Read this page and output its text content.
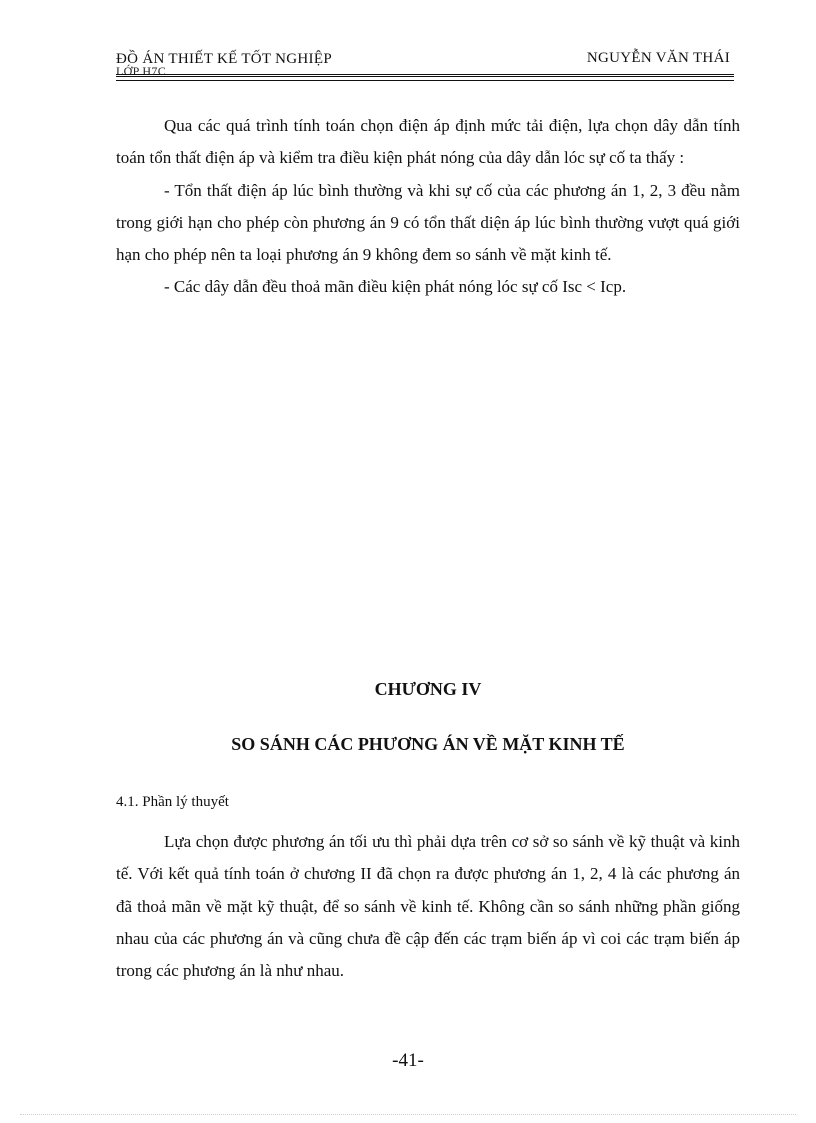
ĐỒ ÁN THIẾT KẾ TỐT NGHIỆP
LỚP H7C
NGUYỄN VĂN THÁI

Qua các quá trình tính toán chọn điện áp định mức tải điện, lựa chọn dây dẫn tính toán tổn thất điện áp và kiểm tra điều kiện phát nóng của dây dẫn lóc sự cố ta thấy :

- Tổn thất điện áp lúc bình thường và khi sự cố của các phương án 1, 2, 3 đều nằm trong giới hạn cho phép còn phương án 9 có tổn thất diện áp lúc bình thường vượt quá giới hạn cho phép nên ta loại phương án 9 không đem so sánh về mặt kinh tế.

- Các dây dẫn đều thoả mãn điều kiện phát nóng lóc sự cố Isc < Icp.

CHƯƠNG IV
SO SÁNH CÁC PHƯƠNG ÁN VỀ MẶT KINH TẾ
4.1. Phần lý thuyết

Lựa chọn được phương án tối ưu thì phải dựa trên cơ sở so sánh về kỹ thuật và kinh tế. Với kết quả tính toán ở chương II đã chọn ra được phương án 1, 2, 4 là các phương án đã thoả mãn về mặt kỹ thuật, để so sánh về kinh tế. Không cần so sánh những phần giống nhau của các phương án và cũng chưa đề cập đến các trạm biến áp vì coi các trạm biến áp trong các phương án là như nhau.

-41-
